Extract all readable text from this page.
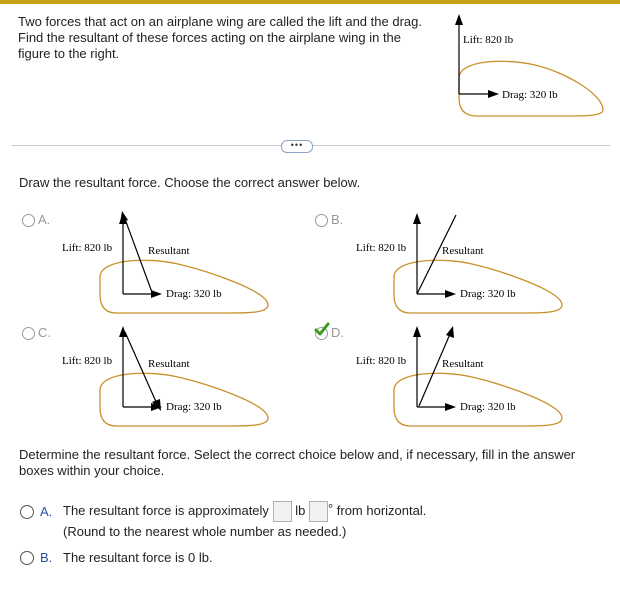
Two forces that act on an airplane wing are called the lift and the drag.
Find the resultant of these forces acting on the airplane wing in the
figure to the right.
Lift: 820 lb
Drag: 320 lb
•••
Draw the resultant force. Choose the correct answer below.
A.
Lift: 820 lb	Resultant
Drag: 320 lb
B.
Lift: 820 lb	Resultant
Drag: 320 lb
C.
Lift: 820 lb	Resultant
Drag: 320 lb
D.
Lift: 820 lb	Resultant
Drag: 320 lb
Determine the resultant force. Select the correct choice below and, if necessary, fill in the answer
boxes within your choice.
A. The resultant force is approximately lb ° from horizontal.
(Round to the nearest whole number as needed.)
B. The resultant force is 0 lb.
